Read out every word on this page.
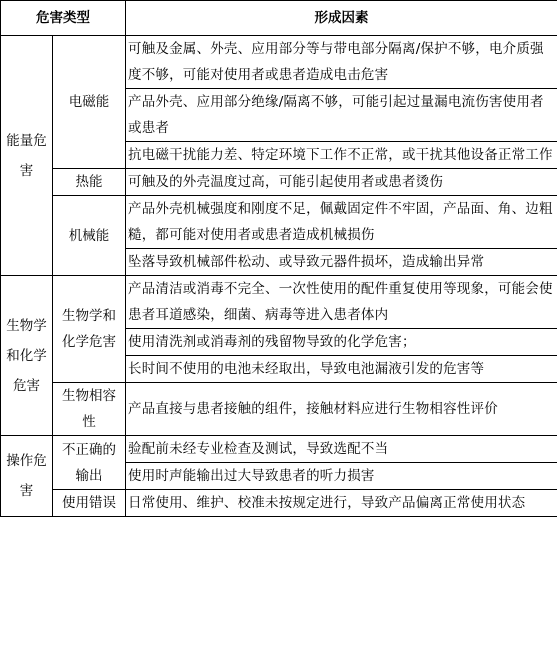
危害类型		形成因素
能量危害	电磁能	可触及金属、外壳、应用部分等与带电部分隔离/保护不够，电介质强度不够，可能对使用者或患者造成电击危害
		产品外壳、应用部分绝缘/隔离不够，可能引起过量漏电流伤害使用者或患者
		抗电磁干扰能力差、特定环境下工作不正常，或干扰其他设备正常工作
	热能	可触及的外壳温度过高，可能引起使用者或患者烫伤
	机械能	产品外壳机械强度和刚度不足，佩戴固定件不牢固，产品面、角、边粗糙，都可能对使用者或患者造成机械损伤
		坠落导致机械部件松动、或导致元器件损坏，造成输出异常
生物学和化学危害	生物学和化学危害	产品清洁或消毒不完全、一次性使用的配件重复使用等现象，可能会使患者耳道感染，细菌、病毒等进入患者体内
		使用清洗剂或消毒剂的残留物导致的化学危害；
		长时间不使用的电池未经取出，导致电池漏液引发的危害等
	生物相容性	产品直接与患者接触的组件，接触材料应进行生物相容性评价
操作危害	不正确的输出	验配前未经专业检查及测试，导致选配不当
		使用时声能输出过大导致患者的听力损害
	使用错误	日常使用、维护、校准未按规定进行，导致产品偏离正常使用状态
